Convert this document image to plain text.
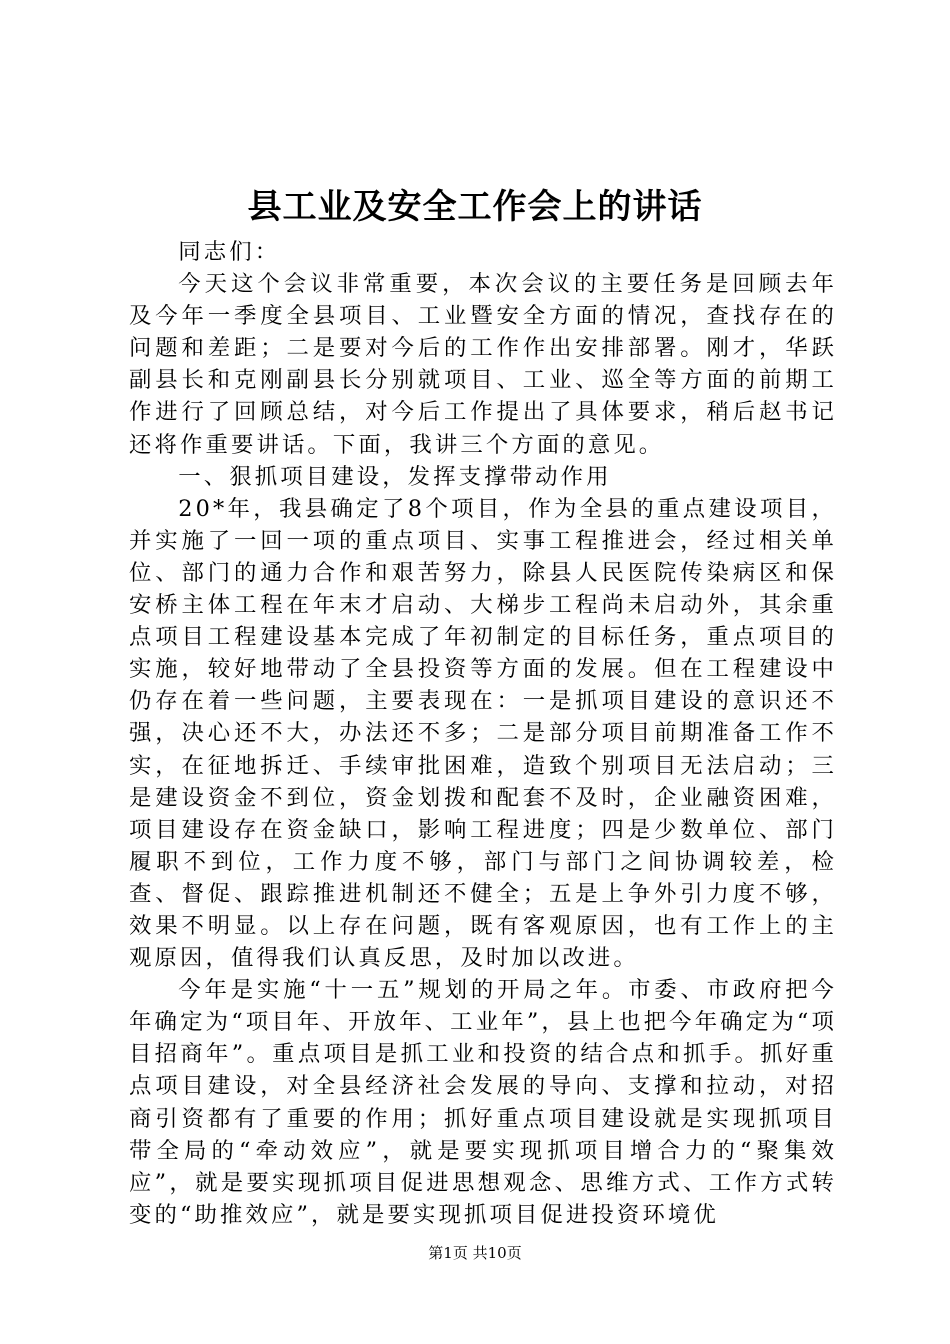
县工业及安全工作会上的讲话

同志们：

今天这个会议非常重要，本次会议的主要任务是回顾去年及今年一季度全县项目、工业暨安全方面的情况，查找存在的问题和差距；二是要对今后的工作作出安排部署。刚才，华跃副县长和克刚副县长分别就项目、工业、巡全等方面的前期工作进行了回顾总结，对今后工作提出了具体要求，稍后赵书记还将作重要讲话。下面，我讲三个方面的意见。

一、狠抓项目建设，发挥支撑带动作用

20*年，我县确定了8个项目，作为全县的重点建设项目，并实施了一回一项的重点项目、实事工程推进会，经过相关单位、部门的通力合作和艰苦努力，除县人民医院传染病区和保安桥主体工程在年末才启动、大梯步工程尚未启动外，其余重点项目工程建设基本完成了年初制定的目标任务，重点项目的实施，较好地带动了全县投资等方面的发展。但在工程建设中仍存在着一些问题，主要表现在：一是抓项目建设的意识还不强，决心还不大，办法还不多；二是部分项目前期准备工作不实，在征地拆迁、手续审批困难，造致个别项目无法启动；三是建设资金不到位，资金划拨和配套不及时，企业融资困难，项目建设存在资金缺口，影响工程进度；四是少数单位、部门履职不到位，工作力度不够，部门与部门之间协调较差，检查、督促、跟踪推进机制还不健全；五是上争外引力度不够，效果不明显。以上存在问题，既有客观原因，也有工作上的主观原因，值得我们认真反思，及时加以改进。

今年是实施“十一五”规划的开局之年。市委、市政府把今年确定为“项目年、开放年、工业年”，县上也把今年确定为“项目招商年”。重点项目是抓工业和投资的结合点和抓手。抓好重点项目建设，对全县经济社会发展的导向、支撑和拉动，对招商引资都有了重要的作用；抓好重点项目建设就是实现抓项目带全局的“牵动效应”，就是要实现抓项目增合力的“聚集效应”，就是要实现抓项目促进思想观念、思维方式、工作方式转变的“助推效应”，就是要实现抓项目促进投资环境优

第1页 共10页
